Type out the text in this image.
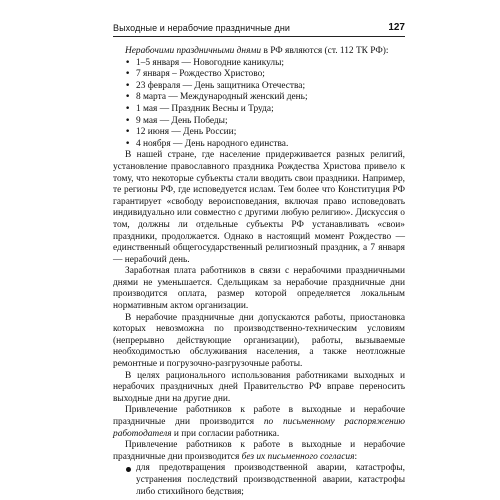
Выходные и нерабочие праздничные дни	127

Нерабочими праздничными днями в РФ являются (ст. 112 ТК РФ):

• 1–5 января — Новогодние каникулы;
• 7 января – Рождество Христово;
• 23 февраля — День защитника Отечества;
• 8 марта — Международный женский день;
• 1 мая — Праздник Весны и Труда;
• 9 мая — День Победы;
• 12 июня — День России;
• 4 ноября — День народного единства.

В нашей стране, где население придерживается разных религий, установление православного праздника Рождества Христова привело к тому, что некоторые субъекты стали вводить свои праздники. Например, те регионы РФ, где исповедуется ислам. Тем более что Конституция РФ гарантирует «свободу вероисповедания, включая право исповедовать индивидуально или совместно с другими любую религию». Дискуссия о том, должны ли отдельные субъекты РФ устанавливать «свои» праздники, продолжается. Однако в настоящий момент Рождество — единственный общегосударственный религиозный праздник, а 7 января — нерабочий день.

Заработная плата работников в связи с нерабочими праздничными днями не уменьшается. Сдельщикам за нерабочие праздничные дни производится оплата, размер которой определяется локальным нормативным актом организации.

В нерабочие праздничные дни допускаются работы, приостановка которых невозможна по производственно-техническим условиям (непрерывно действующие организации), работы, вызываемые необходимостью обслуживания населения, а также неотложные ремонтные и погрузочно-разгрузочные работы.

В целях рационального использования работниками выходных и нерабочих праздничных дней Правительство РФ вправе переносить выходные дни на другие дни.

Привлечение работников к работе в выходные и нерабочие праздничные дни производится по письменному распоряжению работодателя и при согласии работника.

Привлечение работников к работе в выходные и нерабочие праздничные дни производится без их письменного согласия:

для предотвращения производственной аварии, катастрофы, устранения последствий производственной аварии, катастрофы либо стихийного бедствия;
